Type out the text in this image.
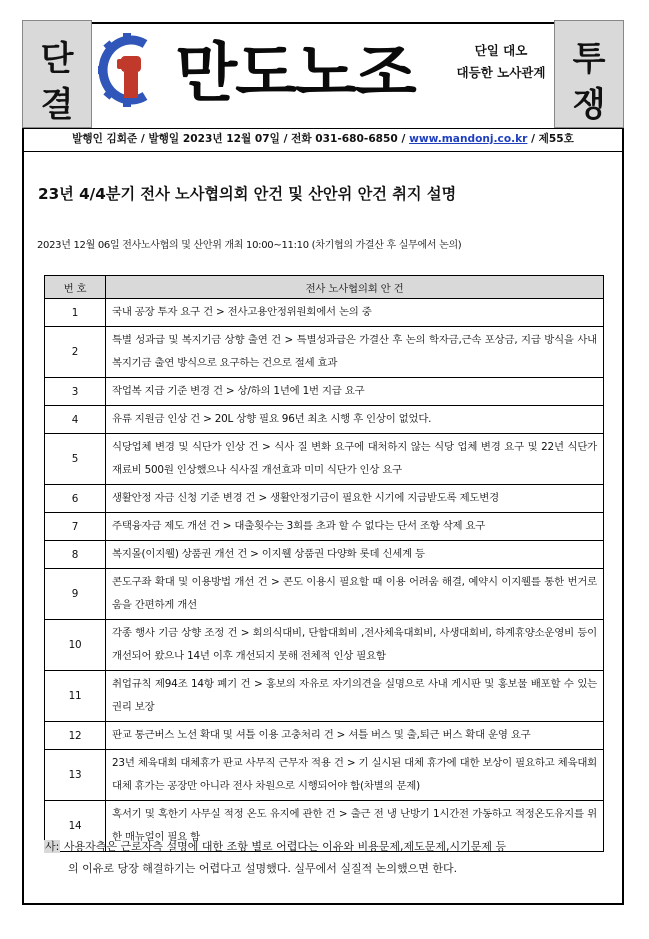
단
결 만도노조	단일 대오
대등한 노사관계 투
쟁
발행인 김회준 / 발행일 2023년 12월 07일 / 전화 031-680-6850 / www.mandonj.co.kr / 제55호
23년 4/4분기 전사 노사협의회 안건 및 산안위 안건 취지 설명
2023년 12월 06일 전사노사협의 및 산안위 개최 10:00~11:10 (차기협의 가결산 후 실무에서 논의)
번 호	전사 노사협의회 안 건
1	국내 공장 투자 요구 건 > 전사고용안정위원회에서 논의 중
2	특별 성과급 및 복지기금 상향 출연 건 > 특별성과급은 가결산 후 논의 학자금,근속 포상금, 지급 방식을 사내복지기금 출연 방식으로 요구하는 건으로 절세 효과
3	작업복 지급 기준 변경 건 > 상/하의 1년에 1번 지급 요구
4	유류 지원금 인상 건 > 20L 상향 필요 96년 최초 시행 후 인상이 없었다.
5	식당업체 변경 및 식단가 인상 건 > 식사 질 변화 요구에 대처하지 않는 식당 업체 변경 요구 및 22년 식단가 재료비 500원 인상했으나 식사질 개선효과 미미 식단가 인상 요구
6	생활안정 자금 신청 기준 변경 건 > 생활안정기금이 필요한 시기에 지급받도록 제도변경
7	주택융자금 제도 개선 건 > 대출횟수는 3회를 초과 할 수 없다는 단서 조항 삭제 요구
8	복지몰(이지웰) 상품권 개선 건 > 이지웰 상품권 다양화 롯데 신세계 등
9	콘도구좌 확대 및 이용방법 개선 건 > 콘도 이용시 필요할 때 이용 어려움 해결, 예약시 이지웰를 통한 번거로움을 간편하게 개선
10	각종 행사 기금 상향 조정 건 > 회의식대비, 단합대회비 ,전사체육대회비, 사생대회비, 하계휴양소운영비 등이 개선되어 왔으나 14년 이후 개선되지 못해 전체적 인상 필요함
11	취업규칙 제94조 14항 폐기 건 > 홍보의 자유로 자기의견을 실명으로 사내 게시판 및 홍보물 배포할 수 있는 권리 보장
12	판교 통근버스 노선 확대 및 셔틀 이용 고충처리 건 > 셔틀 버스 및 출,퇴근 버스 확대 운영 요구
13	23년 체육대회 대체휴가 판교 사무직 근무자 적용 건 > 기 실시된 대체 휴가에 대한 보상이 필요하고 체육대회 대체 휴가는 공장만 아니라 전사 차원으로 시행되어야 함(차별의 문제)
14	혹서기 및 혹한기 사무실 적정 온도 유지에 관한 건 > 출근 전 냉 난방기 1시간전 가동하고 적정온도유지를 위한 매뉴얼이 필요 함
사: 사용자측은 근로자측 설명에 대한 조항 별로 어렵다는 이유와 비용문제,제도문제,시기문제 등
의 이유로 당장 해결하기는 어렵다고 설명했다. 실무에서 실질적 논의했으면 한다.
